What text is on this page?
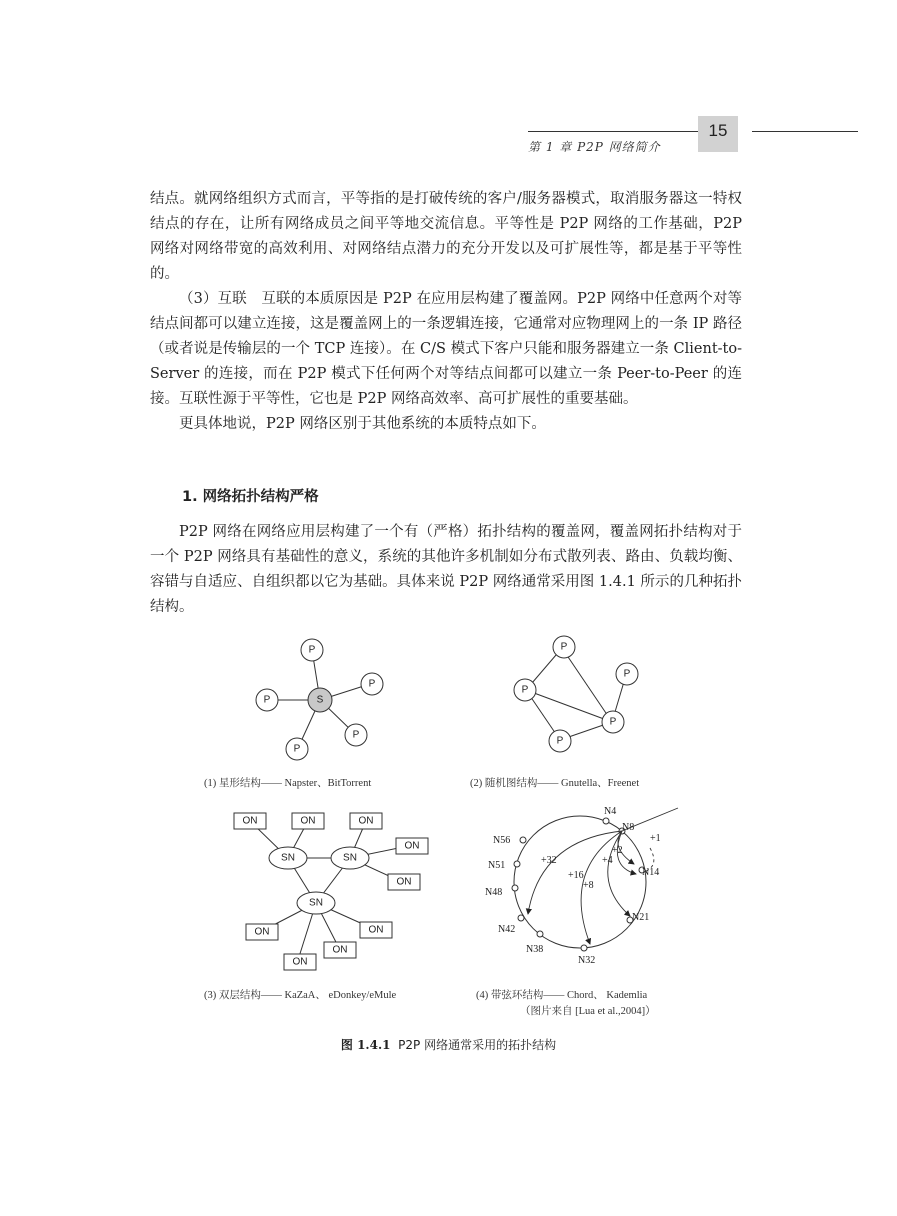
第 1 章 P2P 网络简介
15

结点。就网络组织方式而言，平等指的是打破传统的客户/服务器模式，取消服务器这一特权结点的存在，让所有网络成员之间平等地交流信息。平等性是 P2P 网络的工作基础，P2P 网络对网络带宽的高效利用、对网络结点潜力的充分开发以及可扩展性等，都是基于平等性的。

（3）互联　互联的本质原因是 P2P 在应用层构建了覆盖网。P2P 网络中任意两个对等结点间都可以建立连接，这是覆盖网上的一条逻辑连接，它通常对应物理网上的一条 IP 路径（或者说是传输层的一个 TCP 连接）。在 C/S 模式下客户只能和服务器建立一条 Client-to-Server 的连接，而在 P2P 模式下任何两个对等结点间都可以建立一条 Peer-to-Peer 的连接。互联性源于平等性，它也是 P2P 网络高效率、高可扩展性的重要基础。

更具体地说，P2P 网络区别于其他系统的本质特点如下。

1. 网络拓扑结构严格

P2P 网络在网络应用层构建了一个有（严格）拓扑结构的覆盖网，覆盖网拓扑结构对于一个 P2P 网络具有基础性的意义，系统的其他许多机制如分布式散列表、路由、负载均衡、容错与自适应、自组织都以它为基础。具体来说 P2P 网络通常采用图 1.4.1 所示的几种拓扑结构。

S
P
P
P
P
P
P
P
P
P
P
SN	SN
SN
ON	ON	ON
ON
ON
ON	ON
ON
ON
N4
N8
N14
N21
N32
N38
N42
N48
N51
N56	+1
+2
+4
+8
+16
+32
(1) 星形结构—— Napster、BitTorrent	(2) 随机图结构—— Gnutella、Freenet
(3) 双层结构—— KaZaA、 eDonkey/eMule	(4) 带弦环结构—— Chord、 Kademlia
（图片来自 [Lua et al.,2004]）
图 1.4.1 P2P 网络通常采用的拓扑结构
